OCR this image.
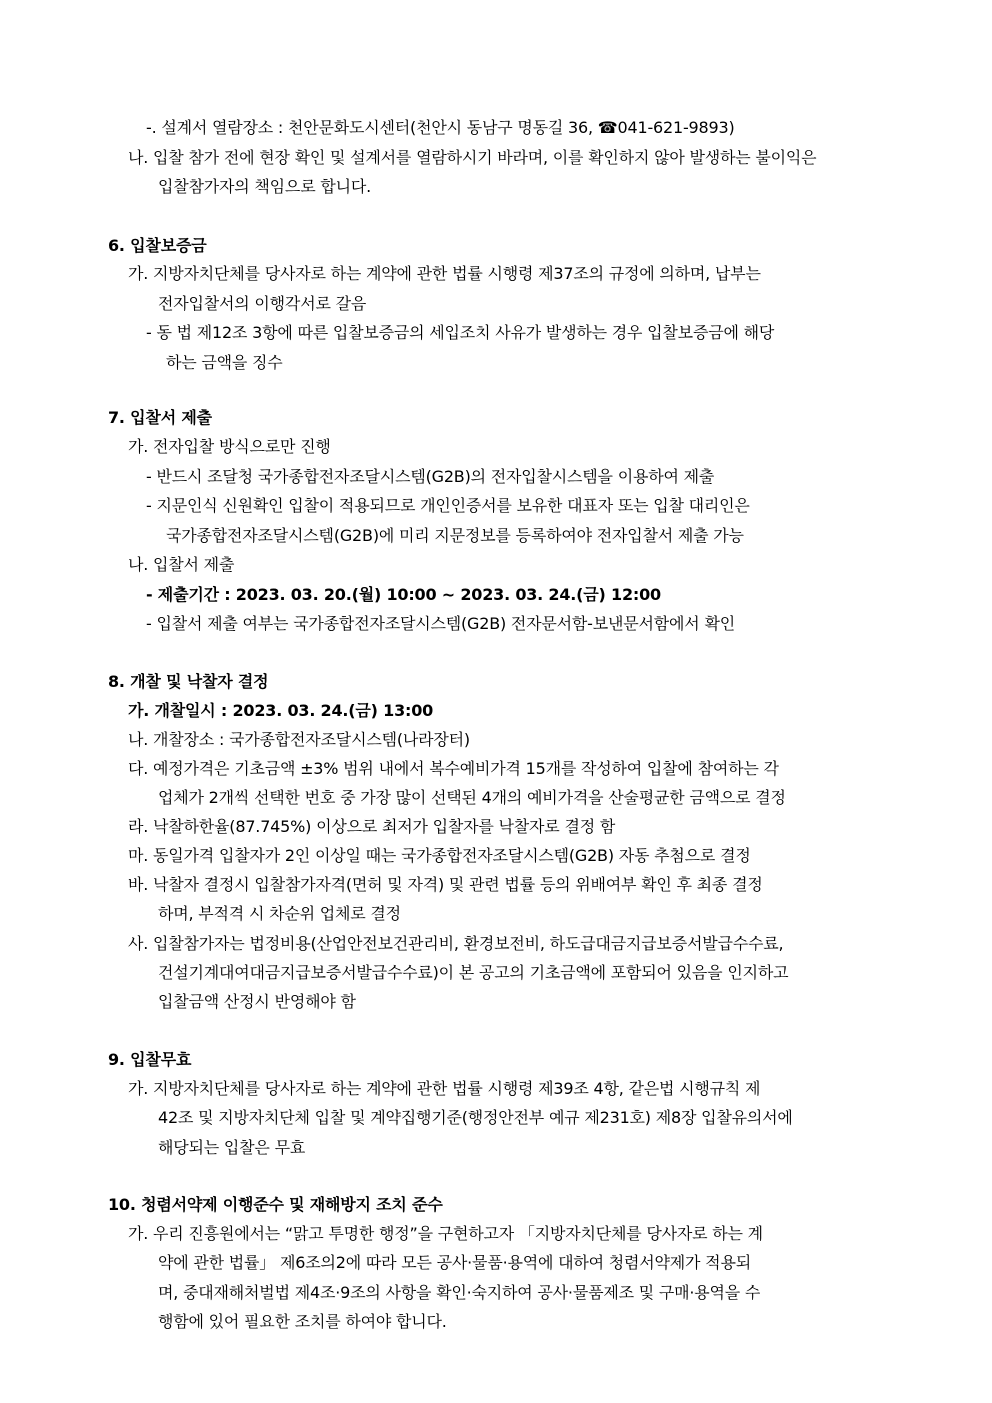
-. 설계서 열람장소 : 천안문화도시센터(천안시 동남구 명동길 36, ☎041-621-9893)
나. 입찰 참가 전에 현장 확인 및 설계서를 열람하시기 바라며, 이를 확인하지 않아 발생하는 불이익은
입찰참가자의 책임으로 합니다.
6. 입찰보증금
가. 지방자치단체를 당사자로 하는 계약에 관한 법률 시행령 제37조의 규정에 의하며, 납부는
전자입찰서의 이행각서로 갈음
- 동 법 제12조 3항에 따른 입찰보증금의 세입조치 사유가 발생하는 경우 입찰보증금에 해당
하는 금액을 징수
7. 입찰서 제출
가. 전자입찰 방식으로만 진행
- 반드시 조달청 국가종합전자조달시스템(G2B)의 전자입찰시스템을 이용하여 제출
- 지문인식 신원확인 입찰이 적용되므로 개인인증서를 보유한 대표자 또는 입찰 대리인은
국가종합전자조달시스템(G2B)에 미리 지문정보를 등록하여야 전자입찰서 제출 가능
나. 입찰서 제출
- 제출기간 : 2023. 03. 20.(월) 10:00 ~ 2023. 03. 24.(금) 12:00
- 입찰서 제출 여부는 국가종합전자조달시스템(G2B) 전자문서함-보낸문서함에서 확인
8. 개찰 및 낙찰자 결정
가. 개찰일시 : 2023. 03. 24.(금) 13:00
나. 개찰장소 : 국가종합전자조달시스템(나라장터)
다. 예정가격은 기초금액 ±3% 범위 내에서 복수예비가격 15개를 작성하여 입찰에 참여하는 각
업체가 2개씩 선택한 번호 중 가장 많이 선택된 4개의 예비가격을 산술평균한 금액으로 결정
라. 낙찰하한율(87.745%) 이상으로 최저가 입찰자를 낙찰자로 결정 함
마. 동일가격 입찰자가 2인 이상일 때는 국가종합전자조달시스템(G2B) 자동 추첨으로 결정
바. 낙찰자 결정시 입찰참가자격(면허 및 자격) 및 관련 법률 등의 위배여부 확인 후 최종 결정
하며, 부적격 시 차순위 업체로 결정
사. 입찰참가자는 법정비용(산업안전보건관리비, 환경보전비, 하도급대금지급보증서발급수수료,
건설기계대여대금지급보증서발급수수료)이 본 공고의 기초금액에 포함되어 있음을 인지하고
입찰금액 산정시 반영해야 함
9. 입찰무효
가. 지방자치단체를 당사자로 하는 계약에 관한 법률 시행령 제39조 4항, 같은법 시행규칙 제
42조 및 지방자치단체 입찰 및 계약집행기준(행정안전부 예규 제231호) 제8장 입찰유의서에
해당되는 입찰은 무효
10. 청렴서약제 이행준수 및 재해방지 조치 준수
가. 우리 진흥원에서는 “맑고 투명한 행정”을 구현하고자 「지방자치단체를 당사자로 하는 계
약에 관한 법률」 제6조의2에 따라 모든 공사·물품·용역에 대하여 청렴서약제가 적용되
며, 중대재해처벌법 제4조·9조의 사항을 확인·숙지하여 공사·물품제조 및 구매·용역을 수
행함에 있어 필요한 조치를 하여야 합니다.
